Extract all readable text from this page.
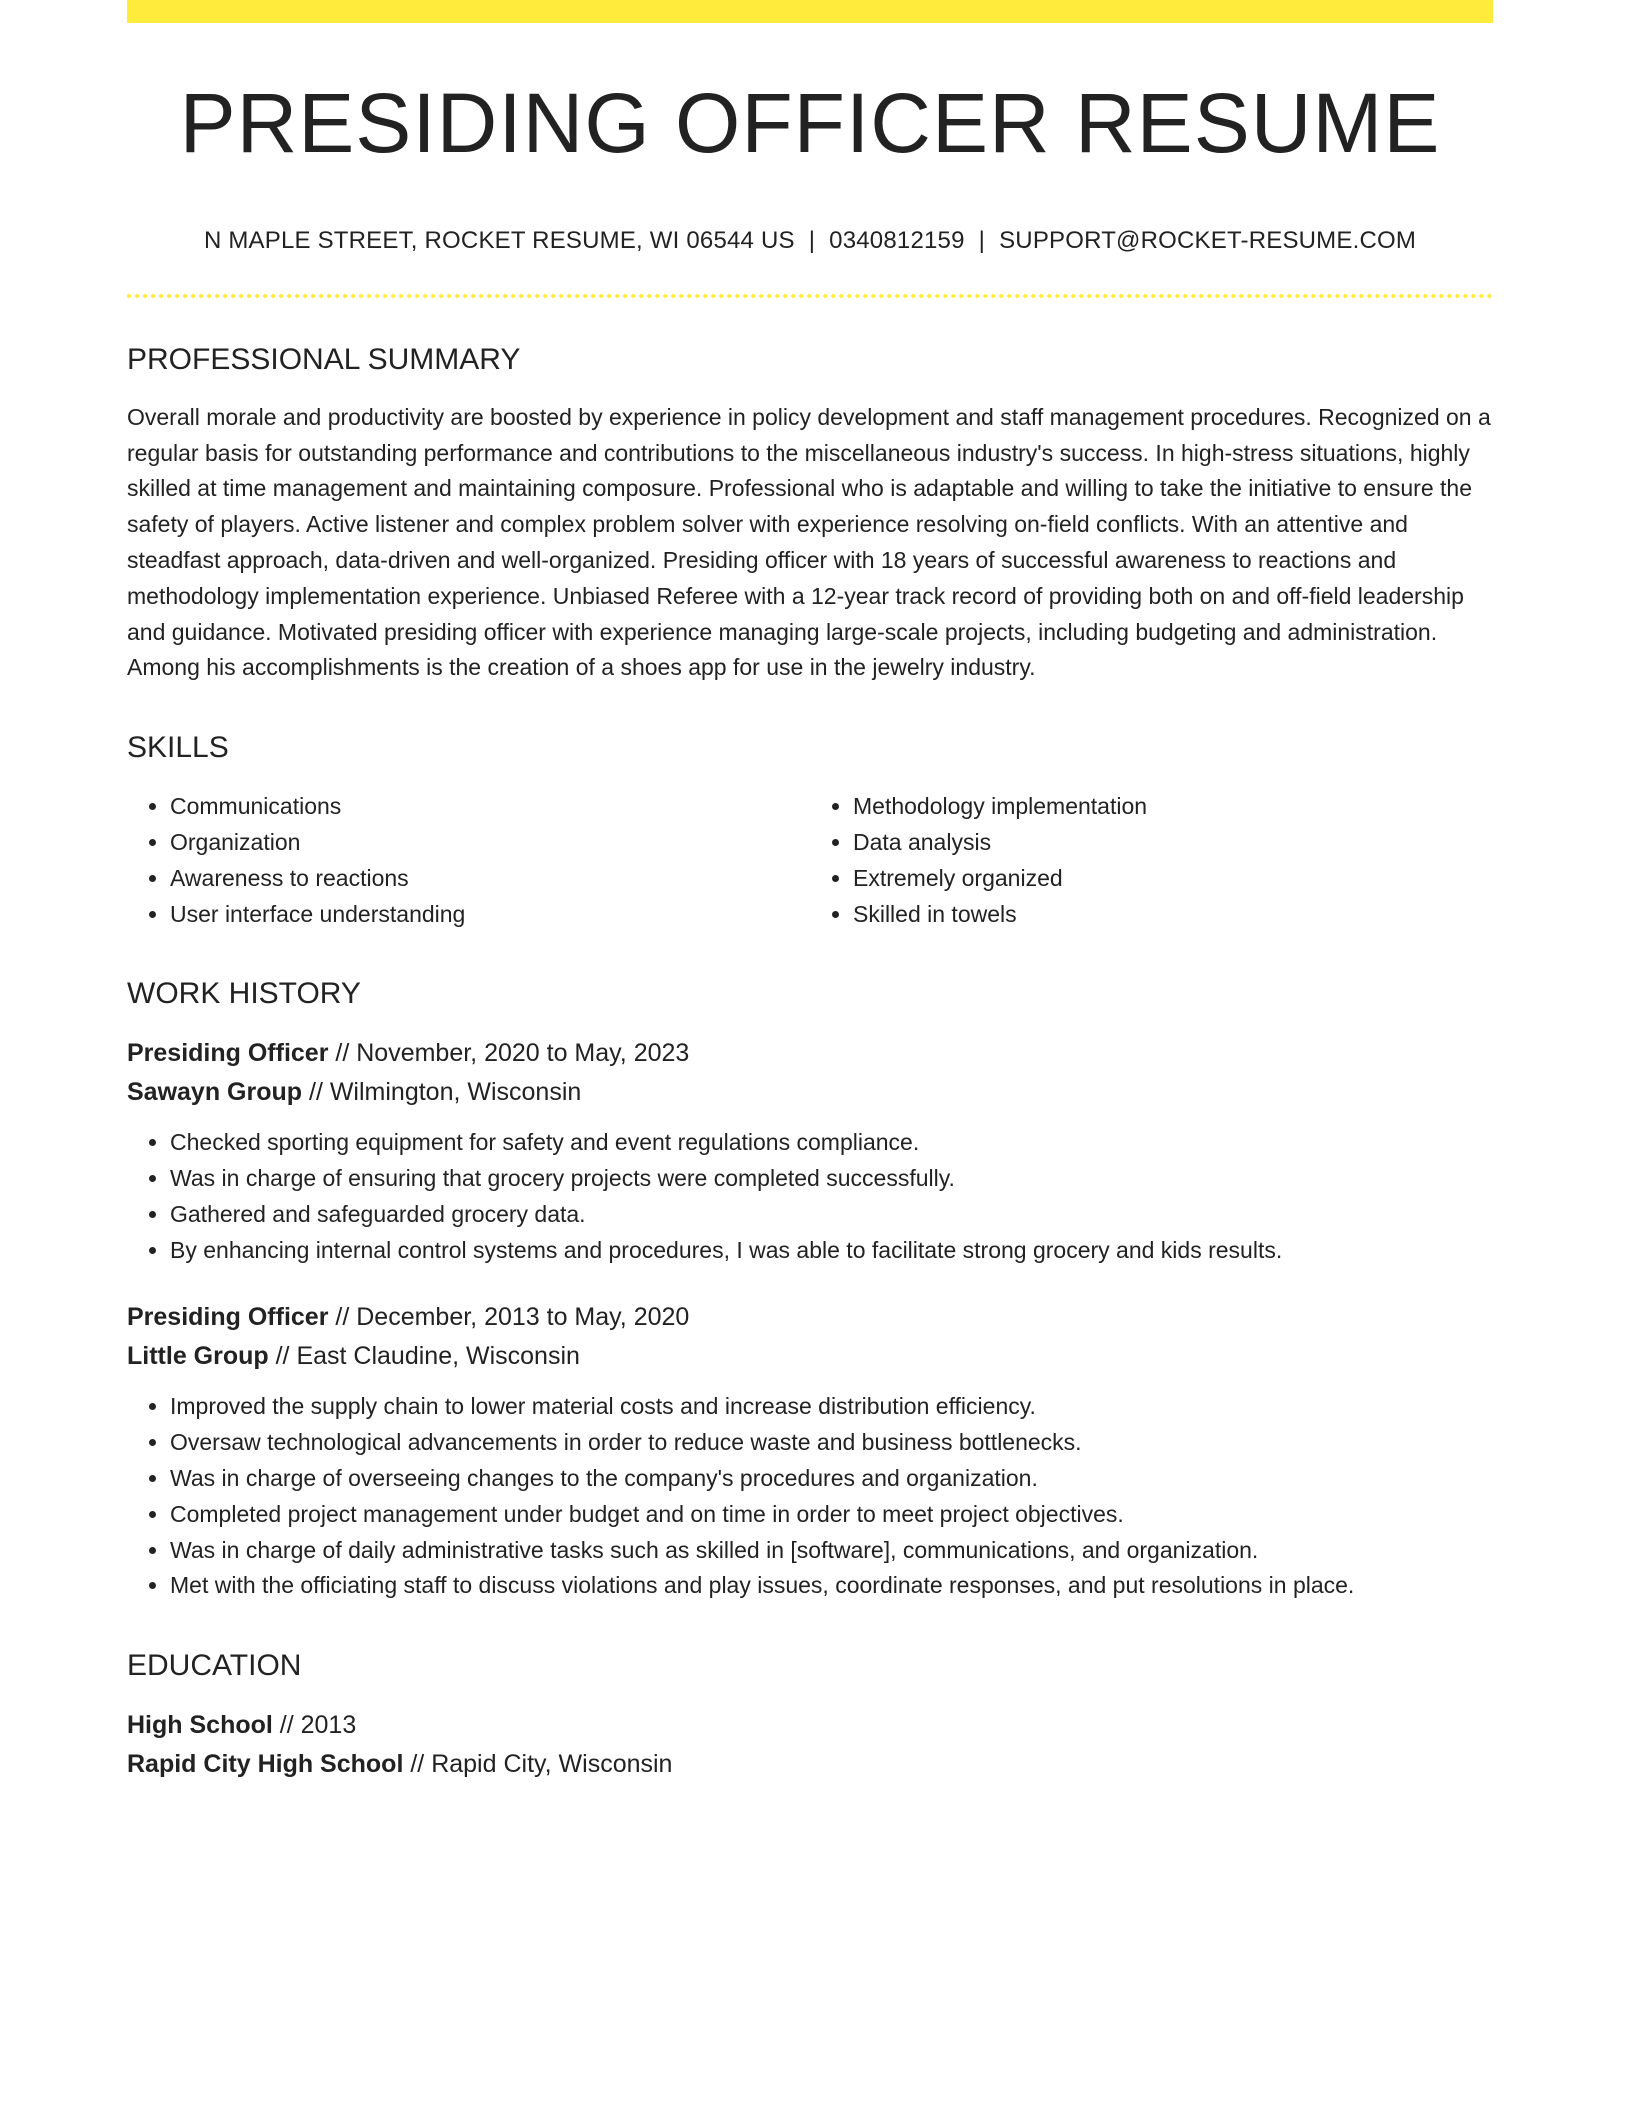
PRESIDING OFFICER RESUME
N MAPLE STREET, ROCKET RESUME, WI 06544 US | 0340812159 | SUPPORT@ROCKET-RESUME.COM
PROFESSIONAL SUMMARY
Overall morale and productivity are boosted by experience in policy development and staff management procedures. Recognized on a regular basis for outstanding performance and contributions to the miscellaneous industry's success. In high-stress situations, highly skilled at time management and maintaining composure. Professional who is adaptable and willing to take the initiative to ensure the safety of players. Active listener and complex problem solver with experience resolving on-field conflicts. With an attentive and steadfast approach, data-driven and well-organized. Presiding officer with 18 years of successful awareness to reactions and methodology implementation experience. Unbiased Referee with a 12-year track record of providing both on and off-field leadership and guidance. Motivated presiding officer with experience managing large-scale projects, including budgeting and administration. Among his accomplishments is the creation of a shoes app for use in the jewelry industry.
SKILLS
• Communications
• Organization
• Awareness to reactions
• User interface understanding
• Methodology implementation
• Data analysis
• Extremely organized
• Skilled in towels
WORK HISTORY
Presiding Officer // November, 2020 to May, 2023
Sawayn Group // Wilmington, Wisconsin
• Checked sporting equipment for safety and event regulations compliance.
• Was in charge of ensuring that grocery projects were completed successfully.
• Gathered and safeguarded grocery data.
• By enhancing internal control systems and procedures, I was able to facilitate strong grocery and kids results.
Presiding Officer // December, 2013 to May, 2020
Little Group // East Claudine, Wisconsin
• Improved the supply chain to lower material costs and increase distribution efficiency.
• Oversaw technological advancements in order to reduce waste and business bottlenecks.
• Was in charge of overseeing changes to the company's procedures and organization.
• Completed project management under budget and on time in order to meet project objectives.
• Was in charge of daily administrative tasks such as skilled in [software], communications, and organization.
• Met with the officiating staff to discuss violations and play issues, coordinate responses, and put resolutions in place.
EDUCATION
High School // 2013
Rapid City High School // Rapid City, Wisconsin
